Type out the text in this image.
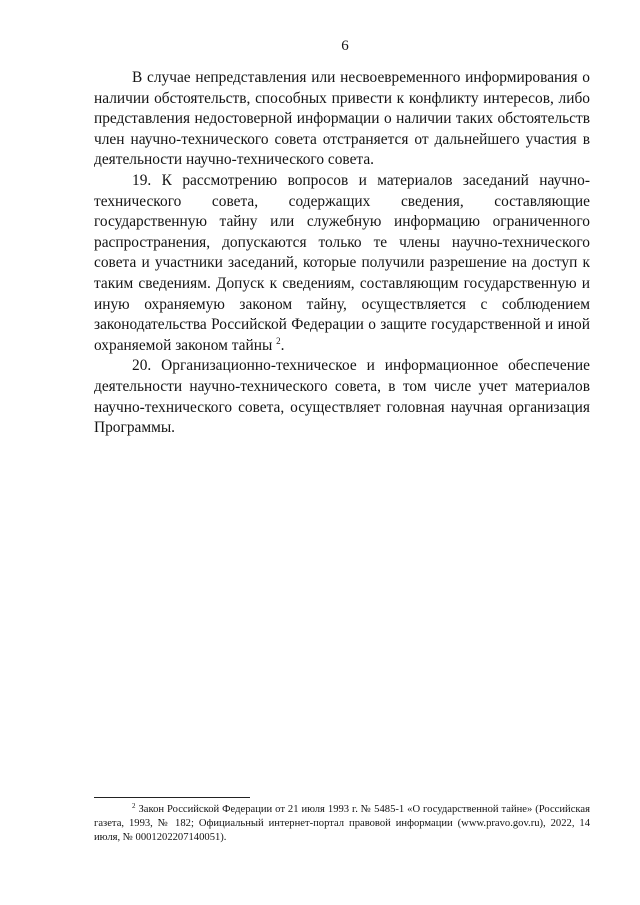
6

В случае непредставления или несвоевременного информирования о наличии обстоятельств, способных привести к конфликту интересов, либо представления недостоверной информации о наличии таких обстоятельств член научно-технического совета отстраняется от дальнейшего участия в деятельности научно-технического совета.

19. К рассмотрению вопросов и материалов заседаний научно-технического совета, содержащих сведения, составляющие государственную тайну или служебную информацию ограниченного распространения, допускаются только те члены научно-технического совета и участники заседаний, которые получили разрешение на доступ к таким сведениям. Допуск к сведениям, составляющим государственную и иную охраняемую законом тайну, осуществляется с соблюдением законодательства Российской Федерации о защите государственной и иной охраняемой законом тайны $^2$.

20. Организационно-техническое и информационное обеспечение деятельности научно-технического совета, в том числе учет материалов научно-технического совета, осуществляет головная научная организация Программы.

$^2$ Закон Российской Федерации от 21 июля 1993 г. № 5485-1 «О государственной тайне» (Российская газета, 1993, № 182; Официальный интернет-портал правовой информации (www.pravo.gov.ru), 2022, 14 июля, № 0001202207140051).
